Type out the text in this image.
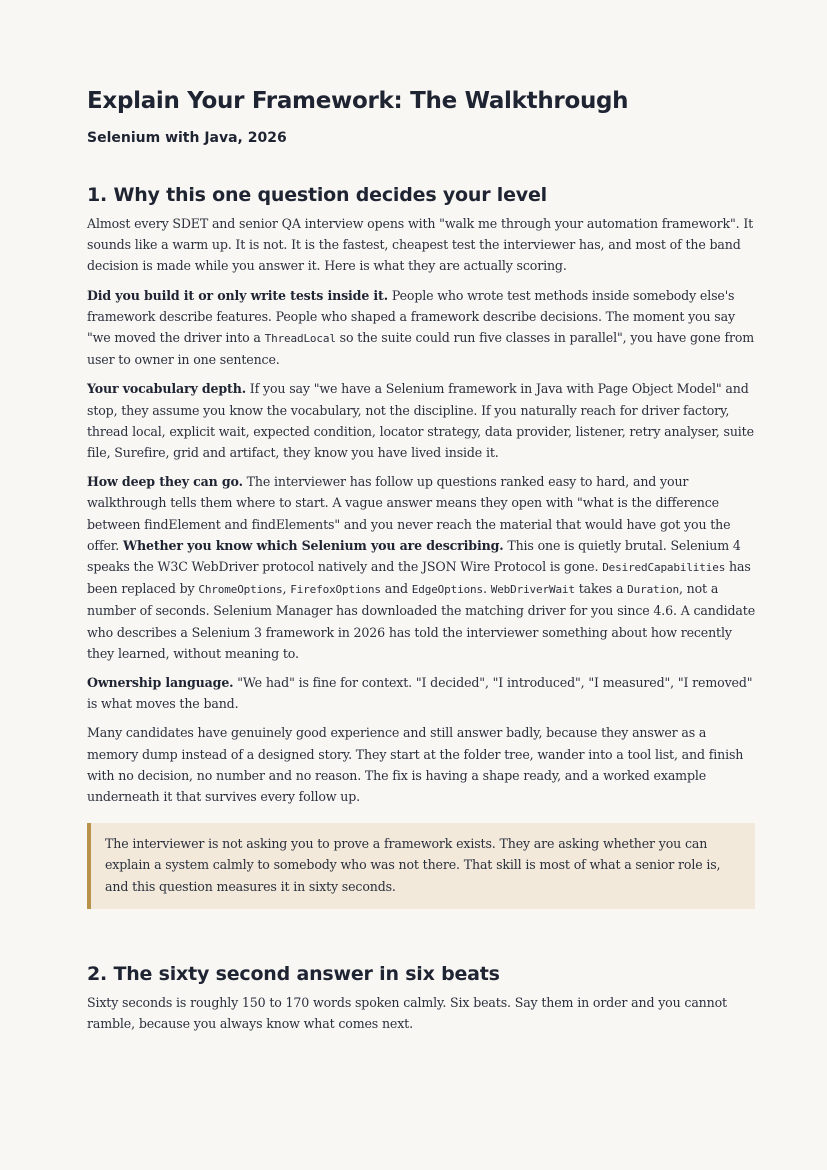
Explain Your Framework: The Walkthrough
Selenium with Java, 2026
1. Why this one question decides your level

Almost every SDET and senior QA interview opens with "walk me through your automation framework". It sounds like a warm up. It is not. It is the fastest, cheapest test the interviewer has, and most of the band decision is made while you answer it. Here is what they are actually scoring.

Did you build it or only write tests inside it. People who wrote test methods inside somebody else's framework describe features. People who shaped a framework describe decisions. The moment you say "we moved the driver into a ThreadLocal so the suite could run five classes in parallel", you have gone from user to owner in one sentence.

Your vocabulary depth. If you say "we have a Selenium framework in Java with Page Object Model" and stop, they assume you know the vocabulary, not the discipline. If you naturally reach for driver factory, thread local, explicit wait, expected condition, locator strategy, data provider, listener, retry analyser, suite file, Surefire, grid and artifact, they know you have lived inside it.

How deep they can go. The interviewer has follow up questions ranked easy to hard, and your walkthrough tells them where to start. A vague answer means they open with "what is the difference between findElement and findElements" and you never reach the material that would have got you the offer. Whether you know which Selenium you are describing. This one is quietly brutal. Selenium 4 speaks the W3C WebDriver protocol natively and the JSON Wire Protocol is gone. DesiredCapabilities has been replaced by ChromeOptions, FirefoxOptions and EdgeOptions. WebDriverWait takes a Duration, not a number of seconds. Selenium Manager has downloaded the matching driver for you since 4.6. A candidate who describes a Selenium 3 framework in 2026 has told the interviewer something about how recently they learned, without meaning to.

Ownership language. "We had" is fine for context. "I decided", "I introduced", "I measured", "I removed" is what moves the band.

Many candidates have genuinely good experience and still answer badly, because they answer as a memory dump instead of a designed story. They start at the folder tree, wander into a tool list, and finish with no decision, no number and no reason. The fix is having a shape ready, and a worked example underneath it that survives every follow up.

The interviewer is not asking you to prove a framework exists. They are asking whether you can explain a system calmly to somebody who was not there. That skill is most of what a senior role is, and this question measures it in sixty seconds.

2. The sixty second answer in six beats

Sixty seconds is roughly 150 to 170 words spoken calmly. Six beats. Say them in order and you cannot ramble, because you always know what comes next.
